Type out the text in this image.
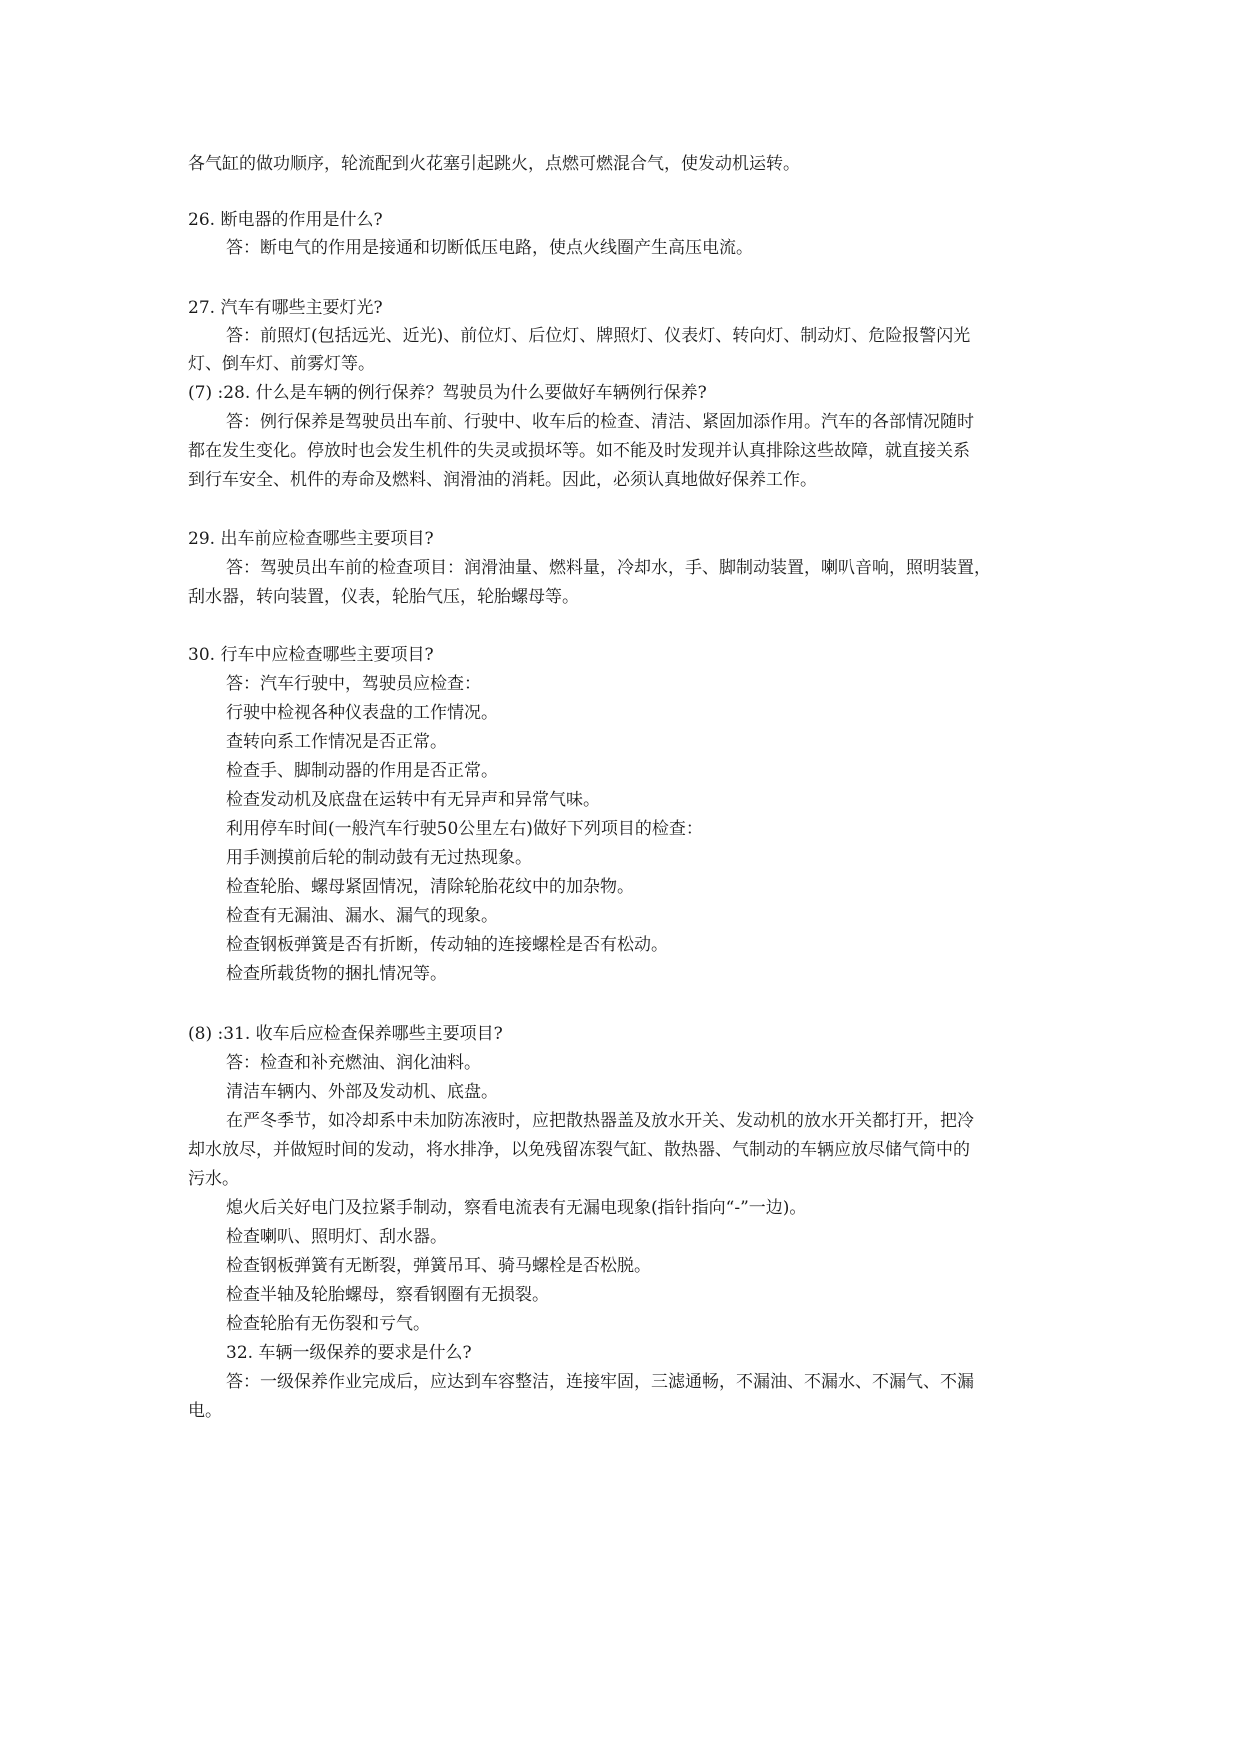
各气缸的做功顺序，轮流配到火花塞引起跳火，点燃可燃混合气，使发动机运转。
26. 断电器的作用是什么?
答：断电气的作用是接通和切断低压电路，使点火线圈产生高压电流。
27. 汽车有哪些主要灯光?
答：前照灯(包括远光、近光)、前位灯、后位灯、牌照灯、仪表灯、转向灯、制动灯、危险报警闪光
灯、倒车灯、前雾灯等。
(7) :28. 什么是车辆的例行保养？驾驶员为什么要做好车辆例行保养?
答：例行保养是驾驶员出车前、行驶中、收车后的检查、清洁、紧固加添作用。汽车的各部情况随时
都在发生变化。停放时也会发生机件的失灵或损坏等。如不能及时发现并认真排除这些故障，就直接关系
到行车安全、机件的寿命及燃料、润滑油的消耗。因此，必须认真地做好保养工作。
29. 出车前应检查哪些主要项目?
答：驾驶员出车前的检查项目：润滑油量、燃料量，冷却水，手、脚制动装置，喇叭音响，照明装置，
刮水器，转向装置，仪表，轮胎气压，轮胎螺母等。
30. 行车中应检查哪些主要项目?
答：汽车行驶中，驾驶员应检查：
行驶中检视各种仪表盘的工作情况。
查转向系工作情况是否正常。
检查手、脚制动器的作用是否正常。
检查发动机及底盘在运转中有无异声和异常气味。
利用停车时间(一般汽车行驶50公里左右)做好下列项目的检查：
用手测摸前后轮的制动鼓有无过热现象。
检查轮胎、螺母紧固情况，清除轮胎花纹中的加杂物。
检查有无漏油、漏水、漏气的现象。
检查钢板弹簧是否有折断，传动轴的连接螺栓是否有松动。
检查所载货物的捆扎情况等。
(8) :31. 收车后应检查保养哪些主要项目?
答：检查和补充燃油、润化油料。
清洁车辆内、外部及发动机、底盘。
在严冬季节，如冷却系中未加防冻液时，应把散热器盖及放水开关、发动机的放水开关都打开，把冷
却水放尽，并做短时间的发动，将水排净，以免残留冻裂气缸、散热器、气制动的车辆应放尽储气筒中的
污水。
熄火后关好电门及拉紧手制动，察看电流表有无漏电现象(指针指向“-”一边)。
检查喇叭、照明灯、刮水器。
检查钢板弹簧有无断裂，弹簧吊耳、骑马螺栓是否松脱。
检查半轴及轮胎螺母，察看钢圈有无损裂。
检查轮胎有无伤裂和亏气。
32. 车辆一级保养的要求是什么?
答：一级保养作业完成后，应达到车容整洁，连接牢固，三滤通畅，不漏油、不漏水、不漏气、不漏
电。
